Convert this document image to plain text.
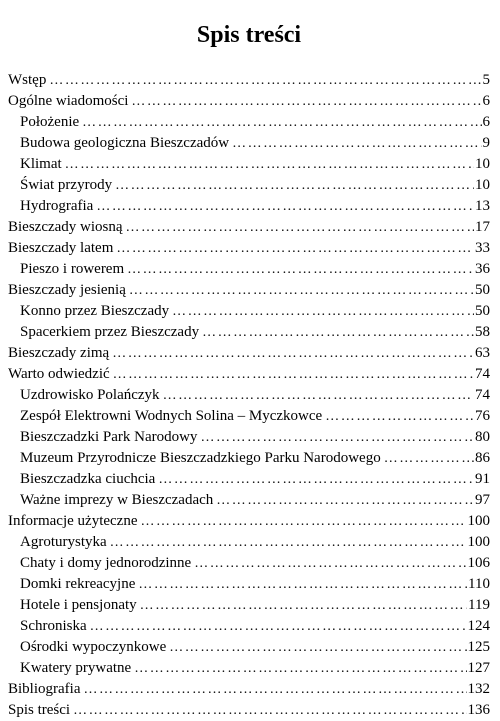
Spis treści
Wstęp ……………………………………………………………………………………………………………………………………	5
Ogólne wiadomości ……………………………………………………………………………………………………………………………………	6
Położenie ……………………………………………………………………………………………………………………………………	6
Budowa geologiczna Bieszczadów ……………………………………………………………………………………………………………………………………	9
Klimat ……………………………………………………………………………………………………………………………………	10
Świat przyrody ……………………………………………………………………………………………………………………………………	10
Hydrografia ……………………………………………………………………………………………………………………………………	13
Bieszczady wiosną ……………………………………………………………………………………………………………………………………	17
Bieszczady latem ……………………………………………………………………………………………………………………………………	33
Pieszo i rowerem ……………………………………………………………………………………………………………………………………	36
Bieszczady jesienią ……………………………………………………………………………………………………………………………………	50
Konno przez Bieszczady ……………………………………………………………………………………………………………………………………	50
Spacerkiem przez Bieszczady ……………………………………………………………………………………………………………………………………	58
Bieszczady zimą ……………………………………………………………………………………………………………………………………	63
Warto odwiedzić ……………………………………………………………………………………………………………………………………	74
Uzdrowisko Polańczyk ……………………………………………………………………………………………………………………………………	74
Zespół Elektrowni Wodnych Solina – Myczkowce ……………………………………………………………………………………………………………………………………	76
Bieszczadzki Park Narodowy ……………………………………………………………………………………………………………………………………	80
Muzeum Przyrodnicze Bieszczadzkiego Parku Narodowego ……………………………………………………………………………………………………………………………………	86
Bieszczadzka ciuchcia ……………………………………………………………………………………………………………………………………	91
Ważne imprezy w Bieszczadach ……………………………………………………………………………………………………………………………………	97
Informacje użyteczne ……………………………………………………………………………………………………………………………………	100
Agroturystyka ……………………………………………………………………………………………………………………………………	100
Chaty i domy jednorodzinne ……………………………………………………………………………………………………………………………………	106
Domki rekreacyjne ……………………………………………………………………………………………………………………………………	110
Hotele i pensjonaty ……………………………………………………………………………………………………………………………………	119
Schroniska ……………………………………………………………………………………………………………………………………	124
Ośrodki wypoczynkowe ……………………………………………………………………………………………………………………………………	125
Kwatery prywatne ……………………………………………………………………………………………………………………………………	127
Bibliografia ……………………………………………………………………………………………………………………………………	132
Spis treści ……………………………………………………………………………………………………………………………………	136
